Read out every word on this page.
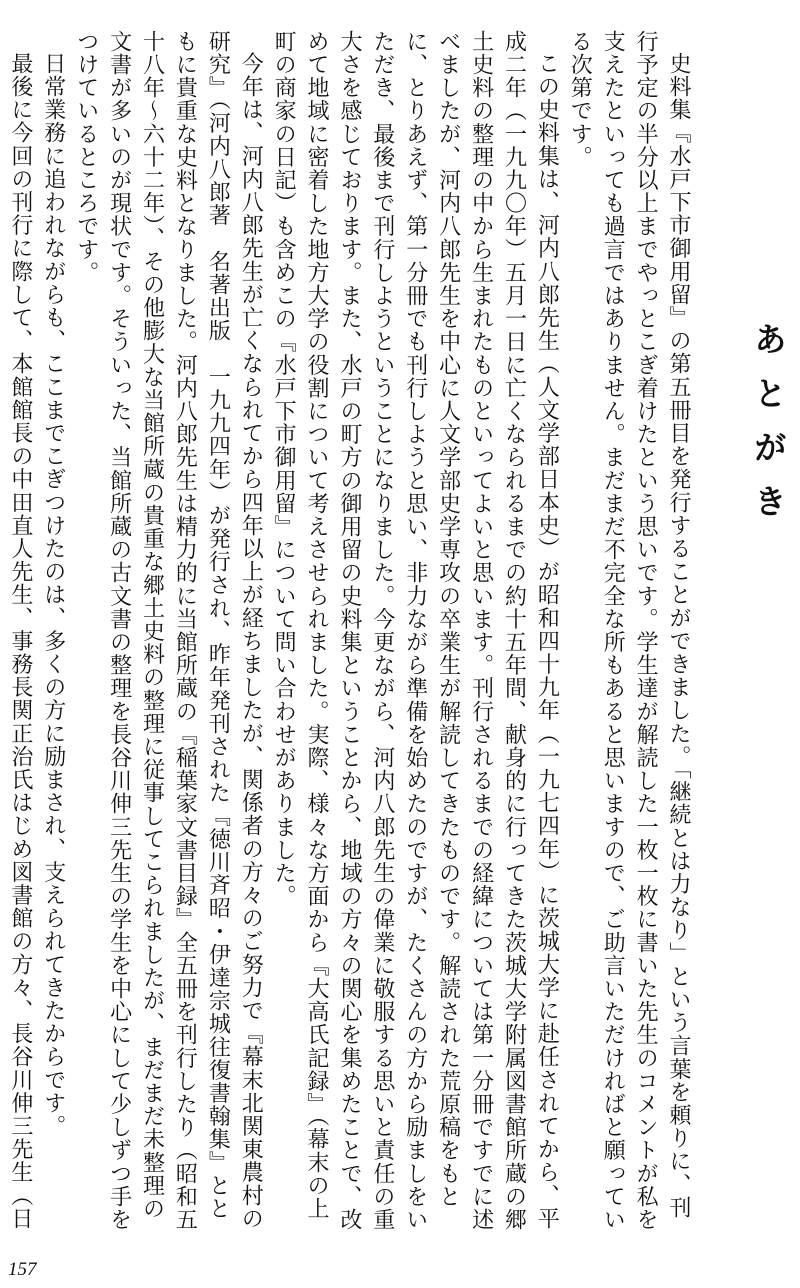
あとがき

史料集『水戸下市御用留』の第五冊目を発行することができました。「継続とは力なり」という言葉を頼りに、刊行予定の半分以上までやっとこぎ着けたという思いです。学生達が解読した一枚一枚に書いた先生のコメントが私を支えたといっても過言ではありません。まだまだ不完全な所もあると思いますので、ご助言いただければと願っている次第です。

この史料集は、河内八郎先生（人文学部日本史）が昭和四十九年（一九七四年）に茨城大学に赴任されてから、平成二年（一九九〇年）五月一日に亡くなられるまでの約十五年間、献身的に行ってきた茨城大学附属図書館所蔵の郷土史料の整理の中から生まれたものといってよいと思います。刊行されるまでの経緯については第一分冊ですでに述べましたが、河内八郎先生を中心に人文学部史学専攻の卒業生が解読してきたものです。解読された荒原稿をもとに、とりあえず、第一分冊でも刊行しようと思い、非力ながら準備を始めたのですが、たくさんの方から励ましをいただき、最後まで刊行しようということになりました。今更ながら、河内八郎先生の偉業に敬服する思いと責任の重大さを感じております。また、水戸の町方の御用留の史料集ということから、地域の方々の関心を集めたことで、改めて地域に密着した地方大学の役割について考えさせられました。実際、様々な方面から『大高氏記録』（幕末の上町の商家の日記）も含めこの『水戸下市御用留』について問い合わせがありました。

今年は、河内八郎先生が亡くなられてから四年以上が経ちましたが、関係者の方々のご努力で『幕末北関東農村の研究』（河内八郎著　名著出版　一九九四年）が発行され、昨年発刊された『徳川斉昭・伊達宗城往復書翰集』とともに貴重な史料となりました。河内八郎先生は精力的に当館所蔵の『稲葉家文書目録』全五冊を刊行したり（昭和五十八年～六十二年）、その他膨大な当館所蔵の貴重な郷土史料の整理に従事してこられましたが、まだまだ未整理の文書が多いのが現状です。そういった、当館所蔵の古文書の整理を長谷川伸三先生の学生を中心にして少しずつ手をつけているところです。

日常業務に追われながらも、ここまでこぎつけたのは、多くの方に励まされ、支えられてきたからです。

最後に今回の刊行に際して、本館館長の中田直人先生、事務長関正治氏はじめ図書館の方々、長谷川伸三先生（日

157
